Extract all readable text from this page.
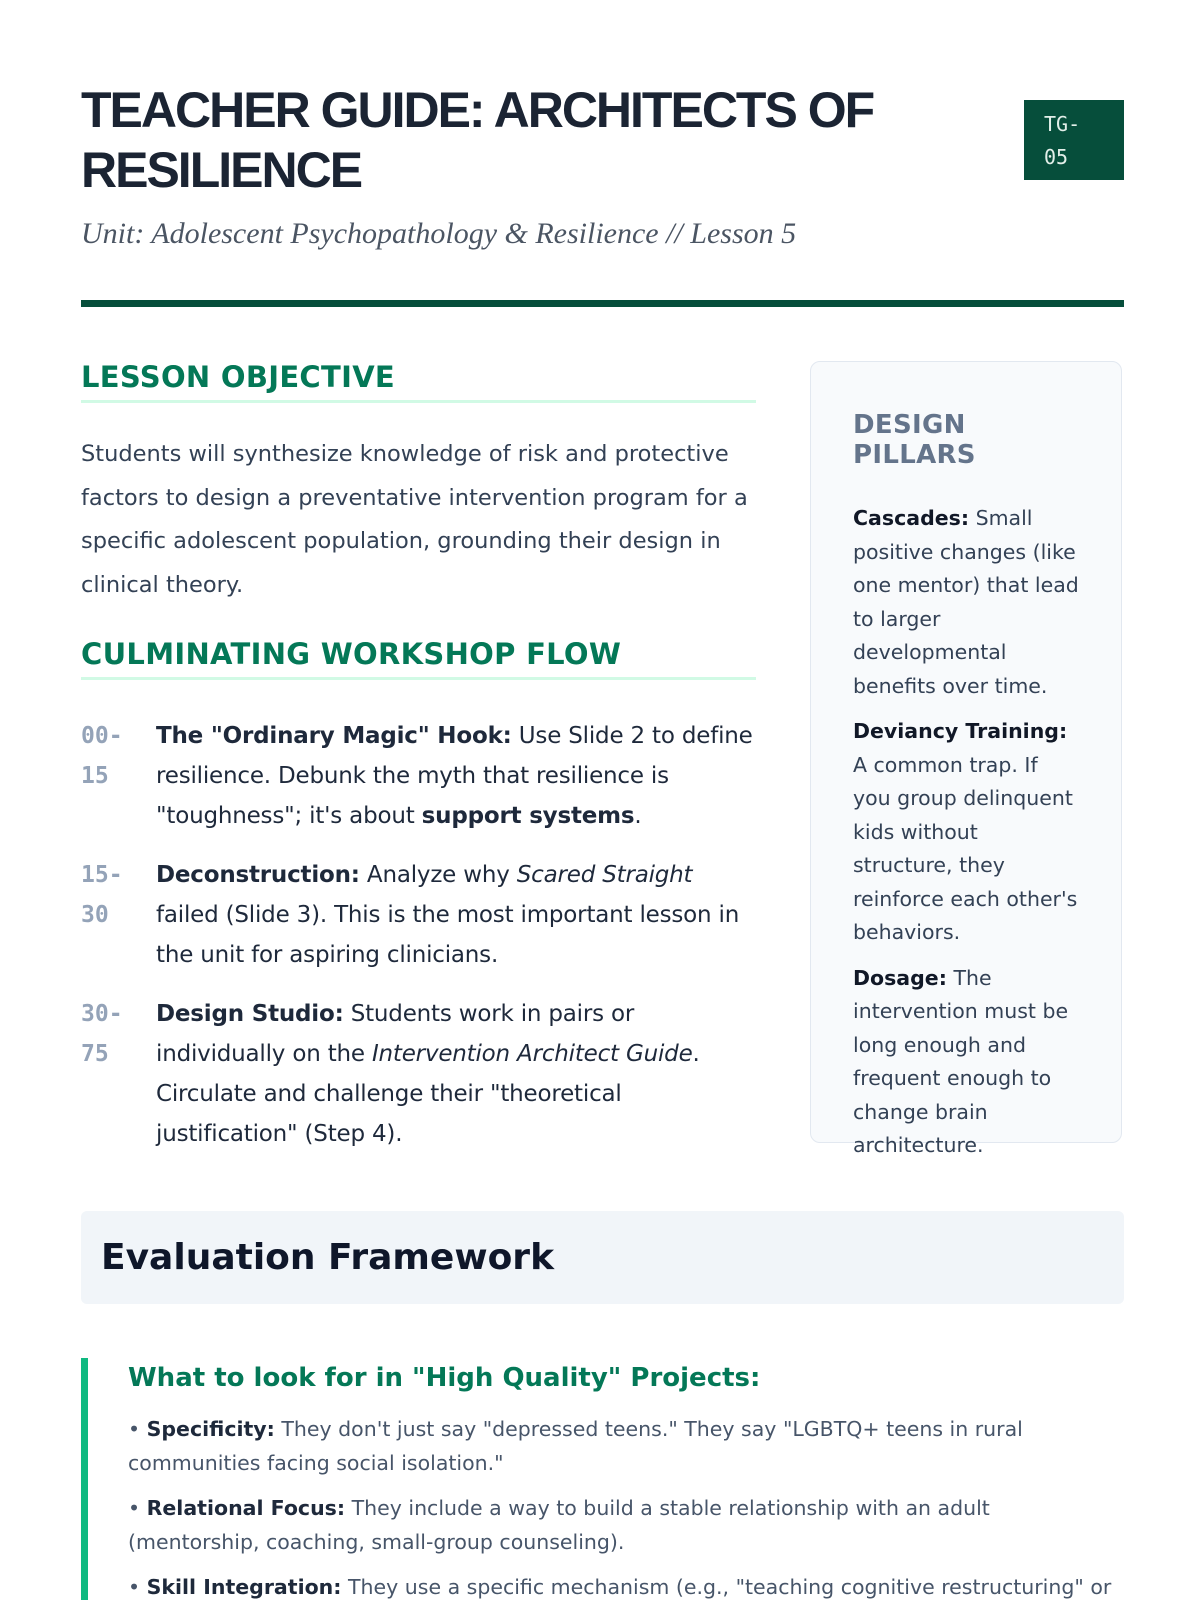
TEACHER GUIDE: ARCHITECTS OF RESILIENCE
TG-
05
Unit: Adolescent Psychopathology & Resilience // Lesson 5
LESSON OBJECTIVE

Students will synthesize knowledge of risk and protective factors to design a preventative intervention program for a specific adolescent population, grounding their design in clinical theory.

CULMINATING WORKSHOP FLOW
00-
15
The "Ordinary Magic" Hook: Use Slide 2 to define resilience. Debunk the myth that resilience is "toughness"; it's about support systems.
15-
30
Deconstruction: Analyze why Scared Straight failed (Slide 3). This is the most important lesson in the unit for aspiring clinicians.
30-
75
Design Studio: Students work in pairs or individually on the Intervention Architect Guide. Circulate and challenge their "theoretical justification" (Step 4).
DESIGN PILLARS

Cascades: Small positive changes (like one mentor) that lead to larger developmental benefits over time.

Deviancy Training: A common trap. If you group delinquent kids without structure, they reinforce each other's behaviors.

Dosage: The intervention must be long enough and frequent enough to change brain architecture.

Evaluation Framework
What to look for in "High Quality" Projects:

• Specificity: They don't just say "depressed teens." They say "LGBTQ+ teens in rural communities facing social isolation."

• Relational Focus: They include a way to build a stable relationship with an adult (mentorship, coaching, small-group counseling).

• Skill Integration: They use a specific mechanism (e.g., "teaching cognitive restructuring" or
